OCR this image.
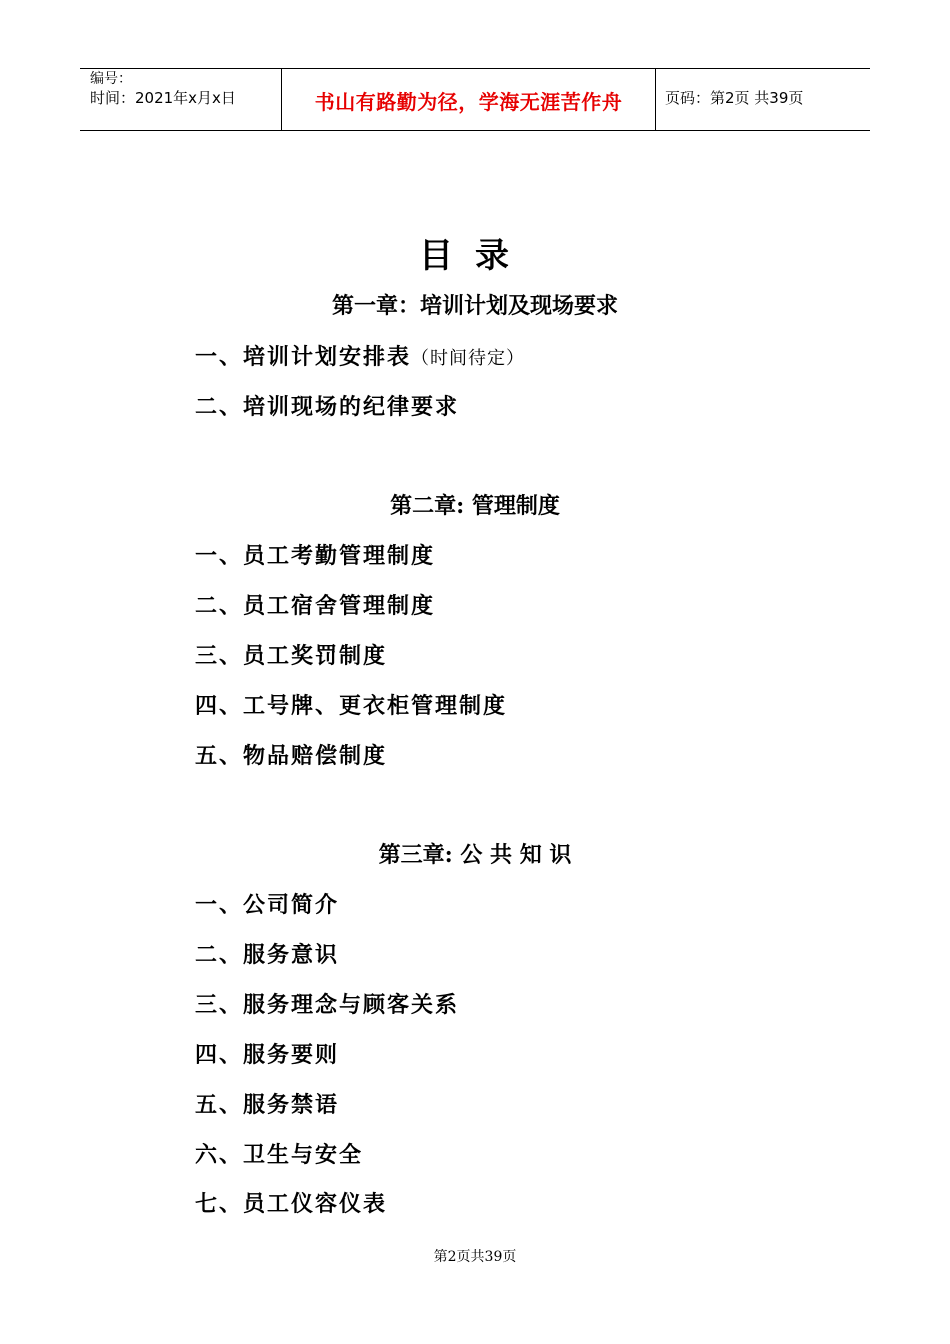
编号：
时间：2021年x月x日	书山有路勤为径，学海无涯苦作舟	页码：第2页 共39页
目录
第一章：培训计划及现场要求
一、培训计划安排表（时间待定）
二、培训现场的纪律要求
第二章: 管理制度
一、员工考勤管理制度
二、员工宿舍管理制度
三、员工奖罚制度
四、工号牌、更衣柜管理制度
五、物品赔偿制度
第三章: 公 共 知 识
一、公司简介
二、服务意识
三、服务理念与顾客关系
四、服务要则
五、服务禁语
六、卫生与安全
七、员工仪容仪表
第2页共39页
